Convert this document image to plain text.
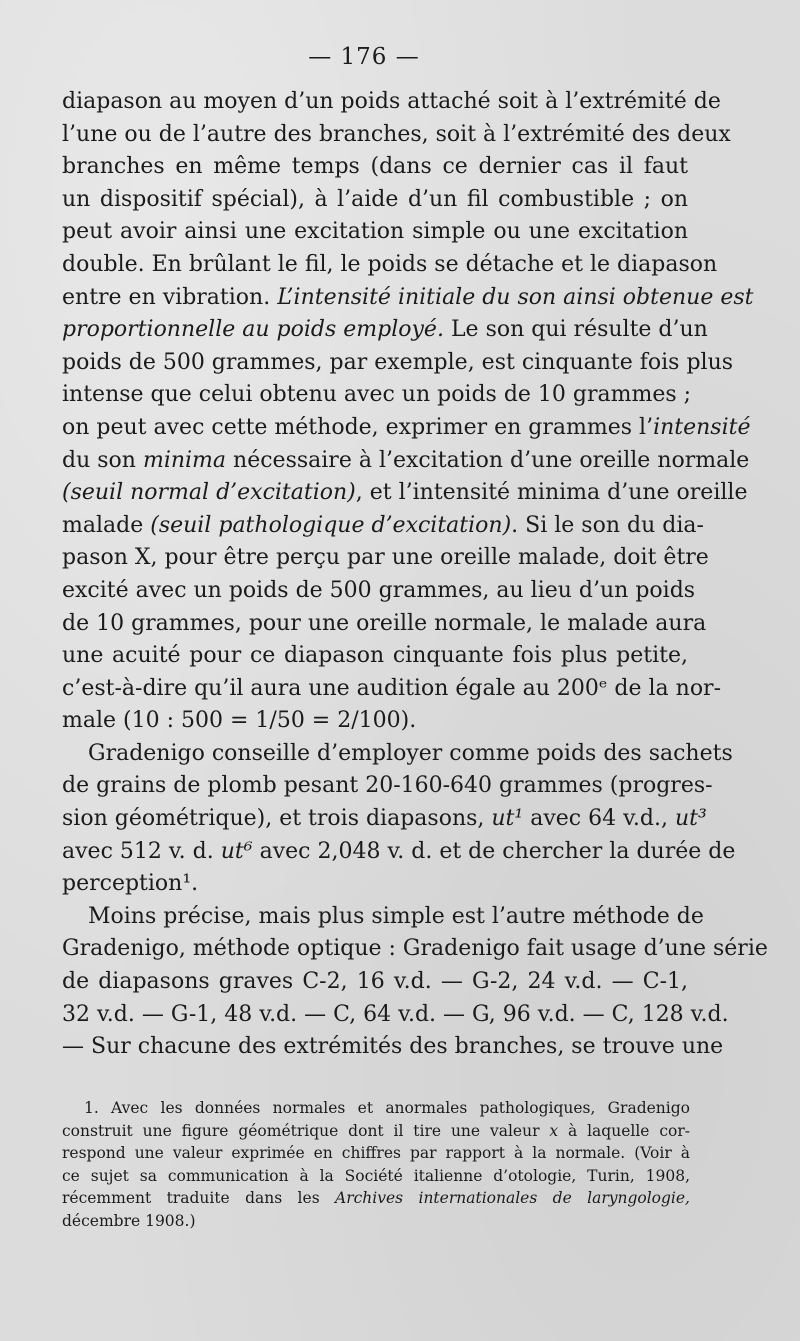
— 176 —
diapason au moyen d’un poids attaché soit à l’extrémité de
l’une ou de l’autre des branches, soit à l’extrémité des deux
branches en même temps (dans ce dernier cas il faut
un dispositif spécial), à l’aide d’un fil combustible ; on
peut avoir ainsi une excitation simple ou une excitation
double. En brûlant le fil, le poids se détache et le diapason
entre en vibration. L’intensité initiale du son ainsi obtenue est
proportionnelle au poids employé. Le son qui résulte d’un
poids de 500 grammes, par exemple, est cinquante fois plus
intense que celui obtenu avec un poids de 10 grammes ;
on peut avec cette méthode, exprimer en grammes l’intensité
du son minima nécessaire à l’excitation d’une oreille normale
(seuil normal d’excitation), et l’intensité minima d’une oreille
malade (seuil pathologique d’excitation). Si le son du dia-
pason X, pour être perçu par une oreille malade, doit être
excité avec un poids de 500 grammes, au lieu d’un poids
de 10 grammes, pour une oreille normale, le malade aura
une acuité pour ce diapason cinquante fois plus petite,
c’est-à-dire qu’il aura une audition égale au 200ᵉ de la nor-
male (10 : 500 = 1/50 = 2/100).
Gradenigo conseille d’employer comme poids des sachets
de grains de plomb pesant 20-160-640 grammes (progres-
sion géométrique), et trois diapasons, ut¹ avec 64 v.d., ut³
avec 512 v. d. ut⁶ avec 2,048 v. d. et de chercher la durée de
perception¹.
Moins précise, mais plus simple est l’autre méthode de
Gradenigo, méthode optique : Gradenigo fait usage d’une série
de diapasons graves C-2, 16 v.d. — G-2, 24 v.d. — C-1,
32 v.d. — G-1, 48 v.d. — C, 64 v.d. — G, 96 v.d. — C, 128 v.d.
— Sur chacune des extrémités des branches, se trouve une
1. Avec les données normales et anormales pathologiques, Gradenigo
construit une figure géométrique dont il tire une valeur x à laquelle cor-
respond une valeur exprimée en chiffres par rapport à la normale. (Voir à
ce sujet sa communication à la Société italienne d’otologie, Turin, 1908,
récemment traduite dans les Archives internationales de laryngologie,
décembre 1908.)
